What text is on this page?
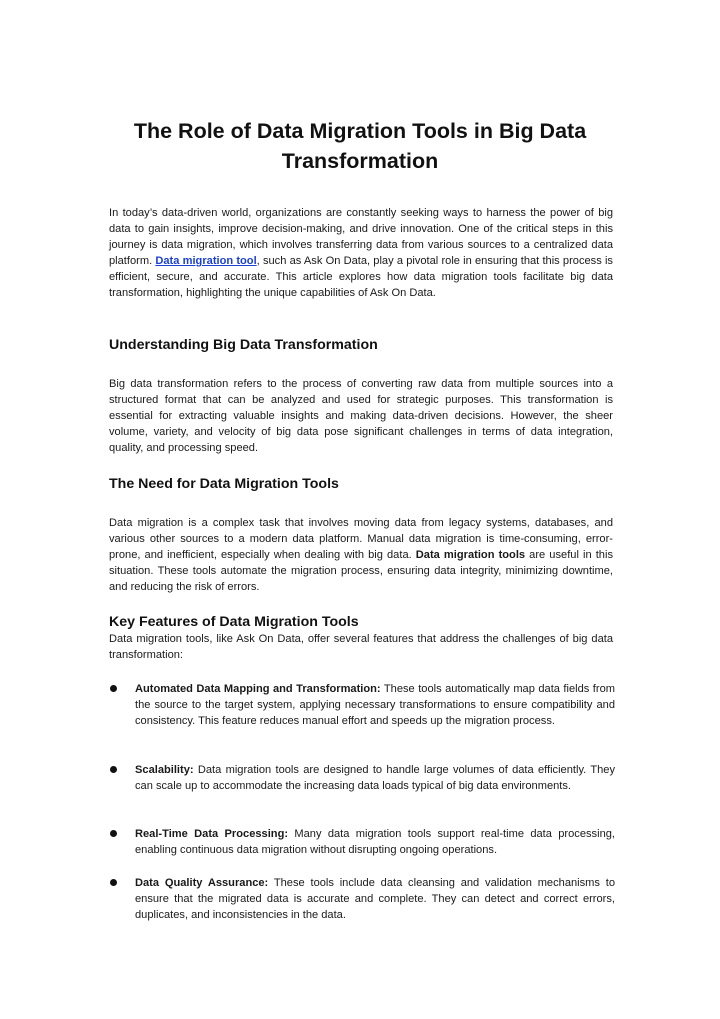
The Role of Data Migration Tools in Big Data Transformation

In today’s data-driven world, organizations are constantly seeking ways to harness the power of big data to gain insights, improve decision-making, and drive innovation. One of the critical steps in this journey is data migration, which involves transferring data from various sources to a centralized data platform. Data migration tool, such as Ask On Data, play a pivotal role in ensuring that this process is efficient, secure, and accurate. This article explores how data migration tools facilitate big data transformation, highlighting the unique capabilities of Ask On Data.

Understanding Big Data Transformation

Big data transformation refers to the process of converting raw data from multiple sources into a structured format that can be analyzed and used for strategic purposes. This transformation is essential for extracting valuable insights and making data-driven decisions. However, the sheer volume, variety, and velocity of big data pose significant challenges in terms of data integration, quality, and processing speed.

The Need for Data Migration Tools

Data migration is a complex task that involves moving data from legacy systems, databases, and various other sources to a modern data platform. Manual data migration is time-consuming, error-prone, and inefficient, especially when dealing with big data. Data migration tools are useful in this situation. These tools automate the migration process, ensuring data integrity, minimizing downtime, and reducing the risk of errors.

Key Features of Data Migration Tools

Data migration tools, like Ask On Data, offer several features that address the challenges of big data transformation:

Automated Data Mapping and Transformation: These tools automatically map data fields from the source to the target system, applying necessary transformations to ensure compatibility and consistency. This feature reduces manual effort and speeds up the migration process.

Scalability: Data migration tools are designed to handle large volumes of data efficiently. They can scale up to accommodate the increasing data loads typical of big data environments.

Real-Time Data Processing: Many data migration tools support real-time data processing, enabling continuous data migration without disrupting ongoing operations.

Data Quality Assurance: These tools include data cleansing and validation mechanisms to ensure that the migrated data is accurate and complete. They can detect and correct errors, duplicates, and inconsistencies in the data.
